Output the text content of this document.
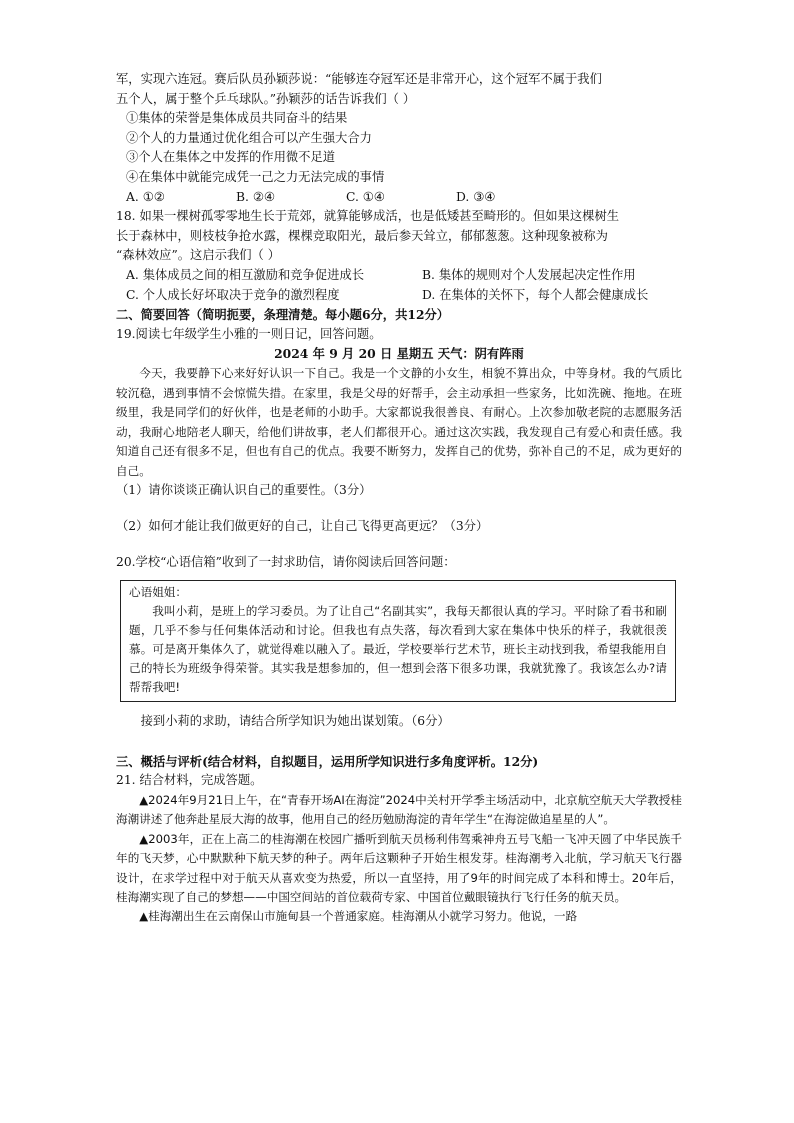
军，实现六连冠。赛后队员孙颖莎说：“能够连夺冠军还是非常开心，这个冠军不属于我们

五个人，属于整个乒乓球队。”孙颖莎的话告诉我们（ ）

①集体的荣誉是集体成员共同奋斗的结果

②个人的力量通过优化组合可以产生强大合力

③个人在集体之中发挥的作用微不足道

④在集体中就能完成凭一己之力无法完成的事情

A. ①②	B. ②④	C. ①④	D. ③④

18. 如果一棵树孤零零地生长于荒郊，就算能够成活，也是低矮甚至畸形的。但如果这棵树生

长于森林中，则枝枝争抢水露，棵棵竞取阳光，最后参天耸立，郁郁葱葱。这种现象被称为

“森林效应”。这启示我们（ ）

A. 集体成员之间的相互激励和竞争促进成长	B. 集体的规则对个人发展起决定性作用
C. 个人成长好坏取决于竞争的激烈程度	D. 在集体的关怀下，每个人都会健康成长

二、简要回答（简明扼要，条理清楚。每小题6分，共12分）

19.阅读七年级学生小雅的一则日记，回答问题。

2024 年 9 月 20 日 星期五 天气：阴有阵雨

今天，我要静下心来好好认识一下自己。我是一个文静的小女生，相貌不算出众，中等身材。我的气质比较沉稳，遇到事情不会惊慌失措。在家里，我是父母的好帮手，会主动承担一些家务，比如洗碗、拖地。在班级里，我是同学们的好伙伴，也是老师的小助手。大家都说我很善良、有耐心。上次参加敬老院的志愿服务活动，我耐心地陪老人聊天，给他们讲故事，老人们都很开心。通过这次实践，我发现自己有爱心和责任感。我知道自己还有很多不足，但也有自己的优点。我要不断努力，发挥自己的优势，弥补自己的不足，成为更好的自己。

（1）请你谈谈正确认识自己的重要性。（3分）

（2）如何才能让我们做更好的自己，让自己飞得更高更远？（3分）

20.学校“心语信箱”收到了一封求助信，请你阅读后回答问题：

心语姐姐：

我叫小莉，是班上的学习委员。为了让自己“名副其实”，我每天都很认真的学习。平时除了看书和刷题，几乎不参与任何集体活动和讨论。但我也有点失落，每次看到大家在集体中快乐的样子，我就很羡慕。可是离开集体久了，就觉得难以融入了。最近，学校要举行艺术节，班长主动找到我，希望我能用自己的特长为班级争得荣誉。其实我是想参加的，但一想到会落下很多功课，我就犹豫了。我该怎么办?请帮帮我吧!

接到小莉的求助，请结合所学知识为她出谋划策。（6分）

三、概括与评析(结合材料，自拟题目，运用所学知识进行多角度评析。12分)

21. 结合材料，完成答题。

▲2024年9月21日上午，在“青春开场AI在海淀”2024中关村开学季主场活动中，北京航空航天大学教授桂海潮讲述了他奔赴星辰大海的故事，他用自己的经历勉励海淀的青年学生“在海淀做追星星的人”。

▲2003年，正在上高二的桂海潮在校园广播听到航天员杨利伟驾乘神舟五号飞船一飞冲天圆了中华民族千年的飞天梦，心中默默种下航天梦的种子。两年后这颗种子开始生根发芽。桂海潮考入北航，学习航天飞行器设计，在求学过程中对于航天从喜欢变为热爱，所以一直坚持，用了9年的时间完成了本科和博士。20年后，桂海潮实现了自己的梦想——中国空间站的首位载荷专家、中国首位戴眼镜执行飞行任务的航天员。

▲桂海潮出生在云南保山市施甸县一个普通家庭。桂海潮从小就学习努力。他说，一路
